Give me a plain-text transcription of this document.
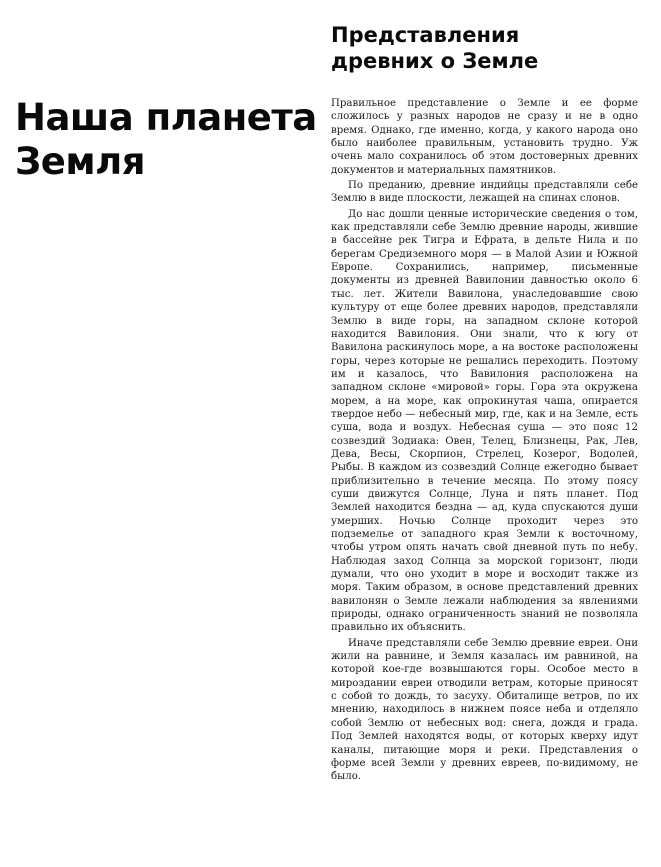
Наша планета
Земля
Представления
древних о Земле

Правильное представление о Земле и ее форме сложилось у разных народов не сразу и не в одно время. Однако, где именно, когда, у какого народа оно было наиболее правильным, установить трудно. Уж очень мало сохранилось об этом достоверных древних документов и материальных памятников.

По преданию, древние индийцы представляли себе Землю в виде плоскости, лежащей на спинах слонов.

До нас дошли ценные исторические сведения о том, как представляли себе Землю древние народы, жившие в бассейне рек Тигра и Ефрата, в дельте Нила и по берегам Средиземного моря — в Малой Азии и Южной Европе. Сохранились, например, письменные документы из древней Вавилонии давностью около 6 тыс. лет. Жители Вавилона, унаследовавшие свою культуру от еще более древних народов, представляли Землю в виде горы, на западном склоне которой находится Вавилония. Они знали, что к югу от Вавилона раскинулось море, а на востоке расположены горы, через которые не решались переходить. Поэтому им и казалось, что Вавилония расположена на западном склоне «мировой» горы. Гора эта окружена морем, а на море, как опрокинутая чаша, опирается твердое небо — небесный мир, где, как и на Земле, есть суша, вода и воздух. Небесная суша — это пояс 12 созвездий Зодиака: Овен, Телец, Близнецы, Рак, Лев, Дева, Весы, Скорпион, Стрелец, Козерог, Водолей, Рыбы. В каждом из созвездий Солнце ежегодно бывает приблизительно в течение месяца. По этому поясу суши движутся Солнце, Луна и пять планет. Под Землей находится бездна — ад, куда спускаются души умерших. Ночью Солнце проходит через это подземелье от западного края Земли к восточному, чтобы утром опять начать свой дневной путь по небу. Наблюдая заход Солнца за морской горизонт, люди думали, что оно уходит в море и восходит также из моря. Таким образом, в основе представлений древних вавилонян о Земле лежали наблюдения за явлениями природы, однако ограниченность знаний не позволяла правильно их объяснить.

Иначе представляли себе Землю древние евреи. Они жили на равнине, и Земля казалась им равниной, на которой кое-где возвышаются горы. Особое место в мироздании евреи отводили ветрам, которые приносят с собой то дождь, то засуху. Обиталище ветров, по их мнению, находилось в нижнем поясе неба и отделяло собой Землю от небесных вод: снега, дождя и града. Под Землей находятся воды, от которых кверху идут каналы, питающие моря и реки. Представления о форме всей Земли у древних евреев, по-видимому, не было.
